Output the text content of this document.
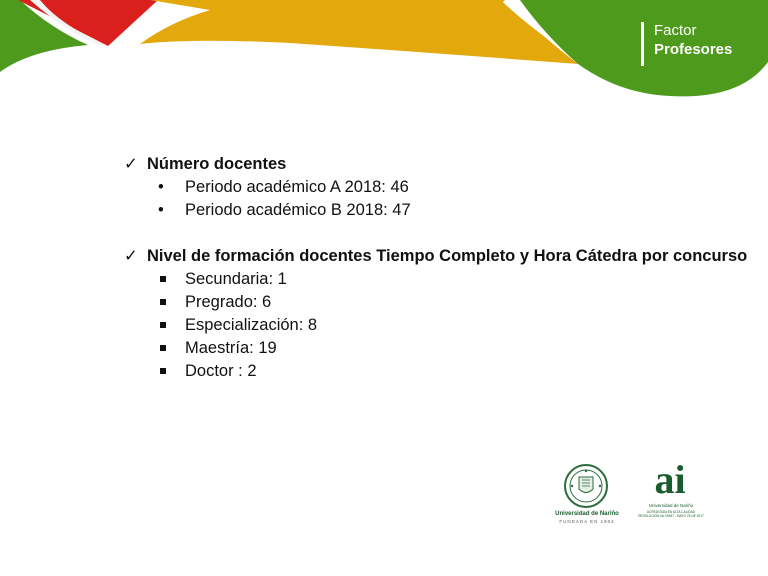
Factor
Profesores
✓ Número docentes
• Periodo académico A 2018: 46
• Periodo académico B 2018: 47
✓ Nivel de formación docentes Tiempo Completo y Hora Cátedra por concurso
Secundaria: 1
Pregrado: 6
Especialización: 8
Maestría: 19
Doctor : 2
Universidad de Nariño
FUNDADA EN 1904
ai
Universidad de Nariño
ACREDITADA EN ALTA CALIDAD
RESOLUCIÓN No 09947 - MAYO 23 DE 2017
